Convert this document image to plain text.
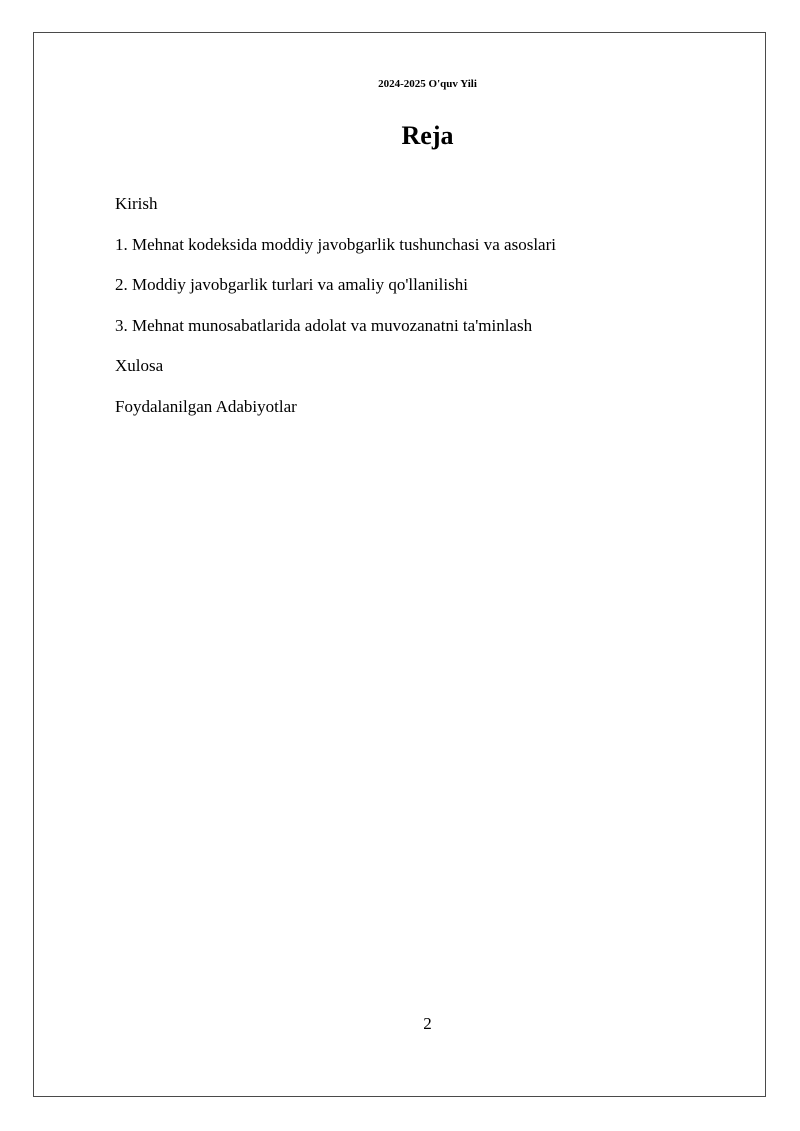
2024-2025 O'quv Yili
Reja
Kirish
1. Mehnat kodeksida moddiy javobgarlik tushunchasi va asoslari
2. Moddiy javobgarlik turlari va amaliy qo'llanilishi
3. Mehnat munosabatlarida adolat va muvozanatni ta'minlash
Xulosa
Foydalanilgan Adabiyotlar
2
